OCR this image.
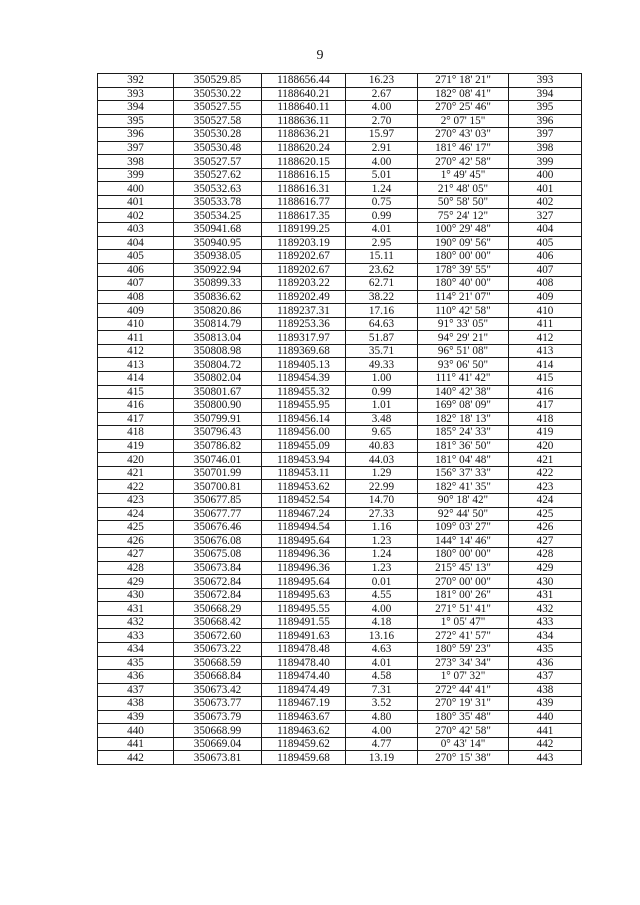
9
392	350529.85	1188656.44	16.23	271° 18' 21"	393
393	350530.22	1188640.21	2.67	182° 08' 41"	394
394	350527.55	1188640.11	4.00	270° 25' 46"	395
395	350527.58	1188636.11	2.70	2° 07' 15"	396
396	350530.28	1188636.21	15.97	270° 43' 03"	397
397	350530.48	1188620.24	2.91	181° 46' 17"	398
398	350527.57	1188620.15	4.00	270° 42' 58"	399
399	350527.62	1188616.15	5.01	1° 49' 45"	400
400	350532.63	1188616.31	1.24	21° 48' 05"	401
401	350533.78	1188616.77	0.75	50° 58' 50"	402
402	350534.25	1188617.35	0.99	75° 24' 12"	327
403	350941.68	1189199.25	4.01	100° 29' 48"	404
404	350940.95	1189203.19	2.95	190° 09' 56"	405
405	350938.05	1189202.67	15.11	180° 00' 00"	406
406	350922.94	1189202.67	23.62	178° 39' 55"	407
407	350899.33	1189203.22	62.71	180° 40' 00"	408
408	350836.62	1189202.49	38.22	114° 21' 07"	409
409	350820.86	1189237.31	17.16	110° 42' 58"	410
410	350814.79	1189253.36	64.63	91° 33' 05"	411
411	350813.04	1189317.97	51.87	94° 29' 21"	412
412	350808.98	1189369.68	35.71	96° 51' 08"	413
413	350804.72	1189405.13	49.33	93° 06' 50"	414
414	350802.04	1189454.39	1.00	111° 41' 42"	415
415	350801.67	1189455.32	0.99	140° 42' 38"	416
416	350800.90	1189455.95	1.01	169° 08' 09"	417
417	350799.91	1189456.14	3.48	182° 18' 13"	418
418	350796.43	1189456.00	9.65	185° 24' 33"	419
419	350786.82	1189455.09	40.83	181° 36' 50"	420
420	350746.01	1189453.94	44.03	181° 04' 48"	421
421	350701.99	1189453.11	1.29	156° 37' 33"	422
422	350700.81	1189453.62	22.99	182° 41' 35"	423
423	350677.85	1189452.54	14.70	90° 18' 42"	424
424	350677.77	1189467.24	27.33	92° 44' 50"	425
425	350676.46	1189494.54	1.16	109° 03' 27"	426
426	350676.08	1189495.64	1.23	144° 14' 46"	427
427	350675.08	1189496.36	1.24	180° 00' 00"	428
428	350673.84	1189496.36	1.23	215° 45' 13"	429
429	350672.84	1189495.64	0.01	270° 00' 00"	430
430	350672.84	1189495.63	4.55	181° 00' 26"	431
431	350668.29	1189495.55	4.00	271° 51' 41"	432
432	350668.42	1189491.55	4.18	1° 05' 47"	433
433	350672.60	1189491.63	13.16	272° 41' 57"	434
434	350673.22	1189478.48	4.63	180° 59' 23"	435
435	350668.59	1189478.40	4.01	273° 34' 34"	436
436	350668.84	1189474.40	4.58	1° 07' 32"	437
437	350673.42	1189474.49	7.31	272° 44' 41"	438
438	350673.77	1189467.19	3.52	270° 19' 31"	439
439	350673.79	1189463.67	4.80	180° 35' 48"	440
440	350668.99	1189463.62	4.00	270° 42' 58"	441
441	350669.04	1189459.62	4.77	0° 43' 14"	442
442	350673.81	1189459.68	13.19	270° 15' 38"	443
